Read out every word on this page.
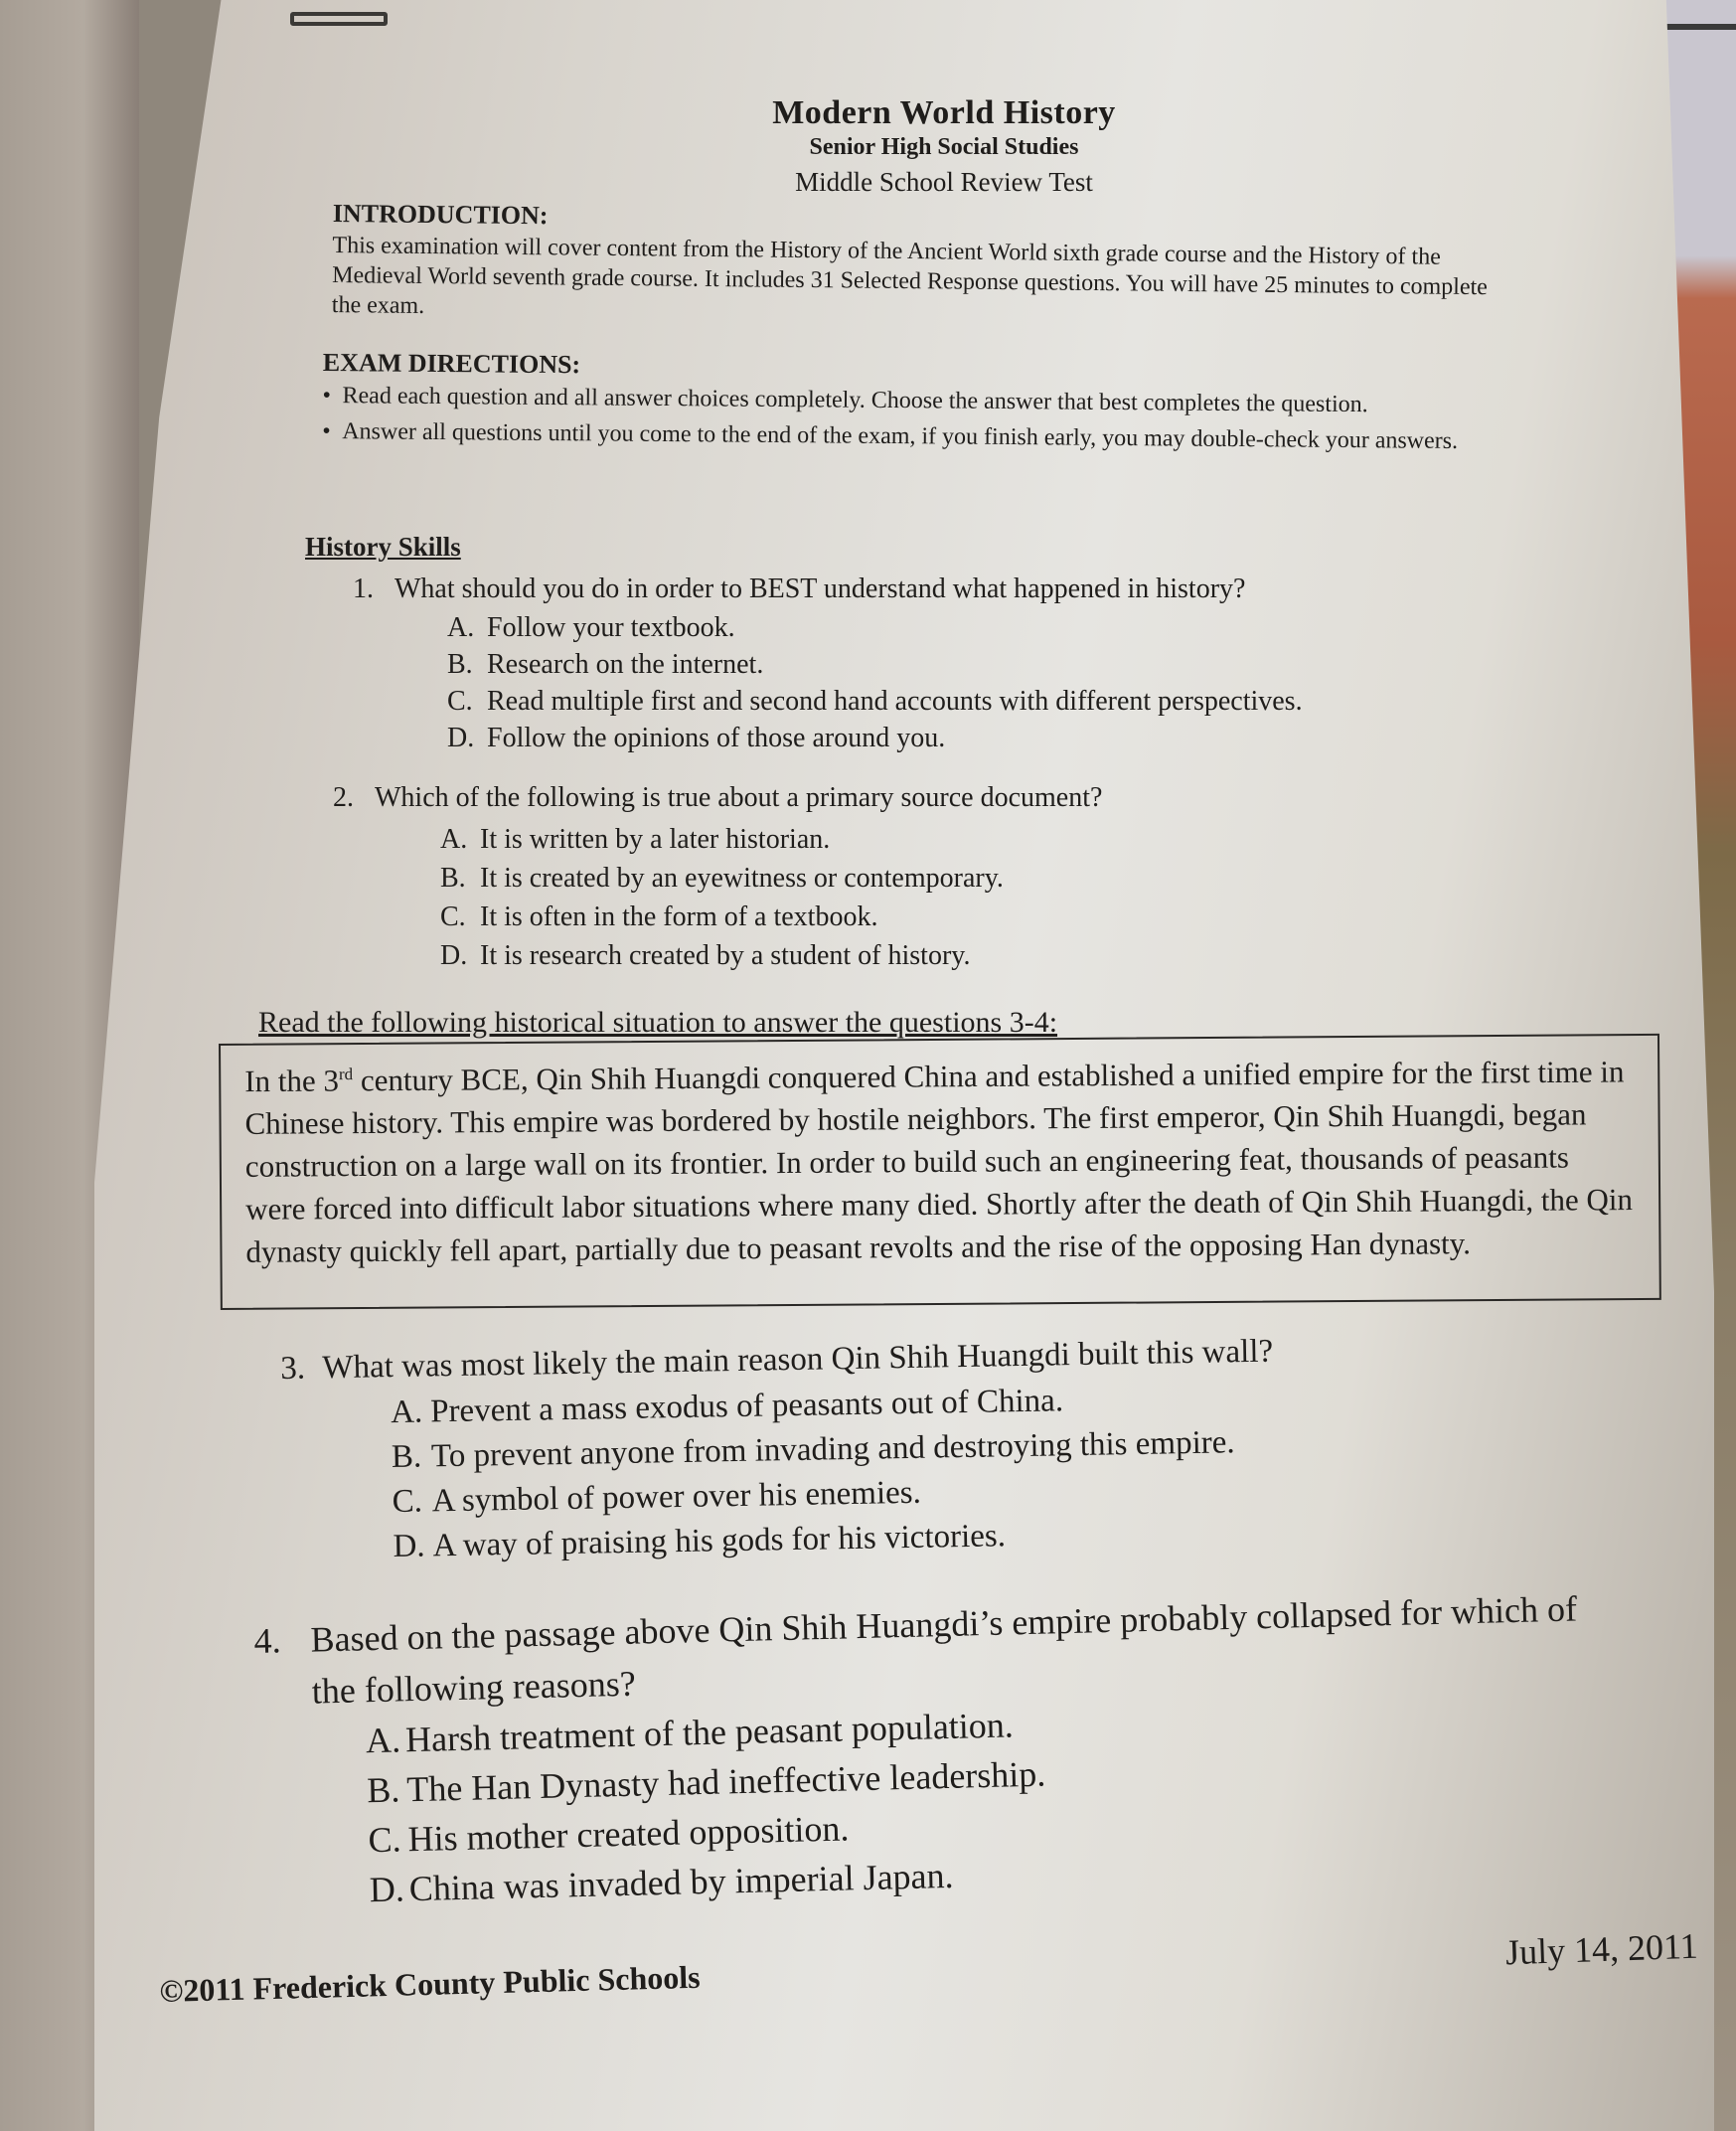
Modern World History
Senior High Social Studies
Middle School Review Test
INTRODUCTION:

This examination will cover content from the History of the Ancient World sixth grade course and the History of the Medieval World seventh grade course. It includes 31 Selected Response questions. You will have 25 minutes to complete the exam.

EXAM DIRECTIONS:
• Read each question and all answer choices completely. Choose the answer that best completes the question.
• Answer all questions until you come to the end of the exam, if you finish early, you may double-check your answers.
History Skills
1. What should you do in order to BEST understand what happened in history?
A. Follow your textbook.
B. Research on the internet.
C. Read multiple first and second hand accounts with different perspectives.
D. Follow the opinions of those around you.
2. Which of the following is true about a primary source document?
A. It is written by a later historian.
B. It is created by an eyewitness or contemporary.
C. It is often in the form of a textbook.
D. It is research created by a student of history.
Read the following historical situation to answer the questions 3-4:

In the 3rd century BCE, Qin Shih Huangdi conquered China and established a unified empire for the first time in Chinese history. This empire was bordered by hostile neighbors. The first emperor, Qin Shih Huangdi, began construction on a large wall on its frontier. In order to build such an engineering feat, thousands of peasants were forced into difficult labor situations where many died. Shortly after the death of Qin Shih Huangdi, the Qin dynasty quickly fell apart, partially due to peasant revolts and the rise of the opposing Han dynasty.

3. What was most likely the main reason Qin Shih Huangdi built this wall?
A. Prevent a mass exodus of peasants out of China.
B. To prevent anyone from invading and destroying this empire.
C. A symbol of power over his enemies.
D. A way of praising his gods for his victories.
4. Based on the passage above Qin Shih Huangdi’s empire probably collapsed for which of
the following reasons?
A. Harsh treatment of the peasant population.
B. The Han Dynasty had ineffective leadership.
C. His mother created opposition.
D. China was invaded by imperial Japan.
July 14, 2011
©2011 Frederick County Public Schools
